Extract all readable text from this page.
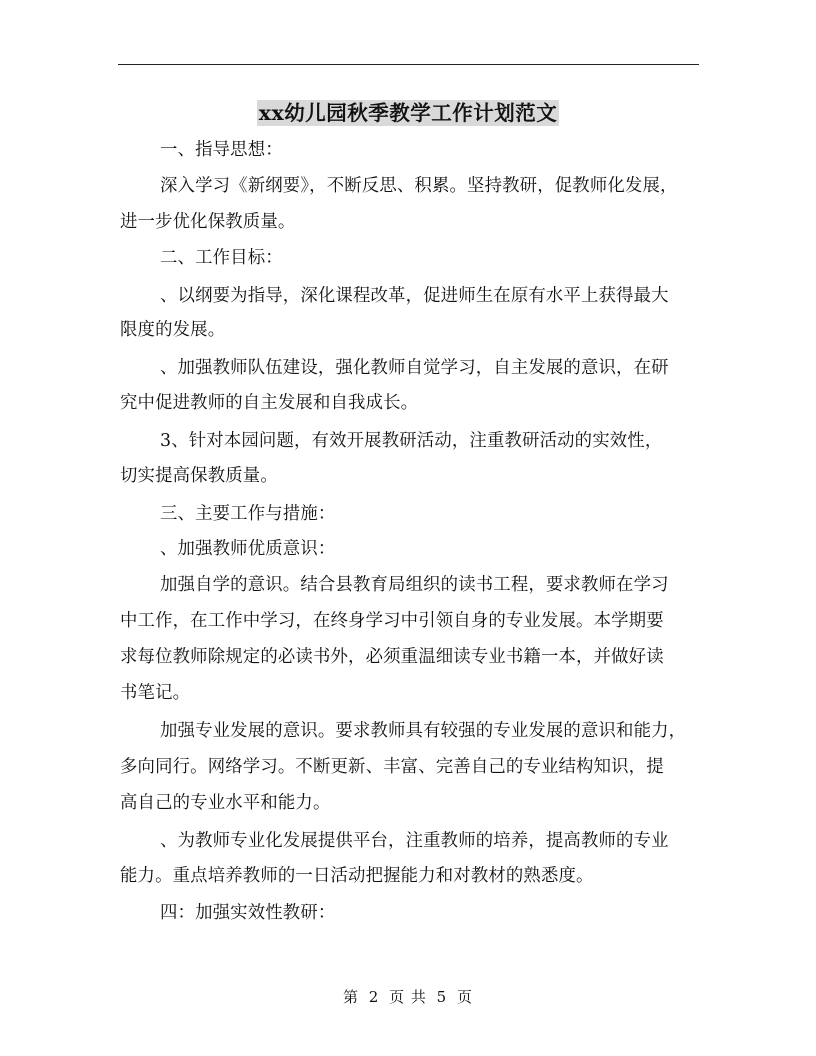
xx幼儿园秋季教学工作计划范文
一、指导思想：
深入学习《新纲要》，不断反思、积累。坚持教研，促教师化发展，
进一步优化保教质量。
二、工作目标：
、以纲要为指导，深化课程改革，促进师生在原有水平上获得最大
限度的发展。
、加强教师队伍建设，强化教师自觉学习，自主发展的意识，在研
究中促进教师的自主发展和自我成长。
3、针对本园问题，有效开展教研活动，注重教研活动的实效性，
切实提高保教质量。
三、主要工作与措施：
、加强教师优质意识：
加强自学的意识。结合县教育局组织的读书工程，要求教师在学习
中工作，在工作中学习，在终身学习中引领自身的专业发展。本学期要
求每位教师除规定的必读书外，必须重温细读专业书籍一本，并做好读
书笔记。
加强专业发展的意识。要求教师具有较强的专业发展的意识和能力，
多向同行。网络学习。不断更新、丰富、完善自己的专业结构知识，提
高自己的专业水平和能力。
、为教师专业化发展提供平台，注重教师的培养，提高教师的专业
能力。重点培养教师的一日活动把握能力和对教材的熟悉度。
四：加强实效性教研：
第 2 页 共 5 页
